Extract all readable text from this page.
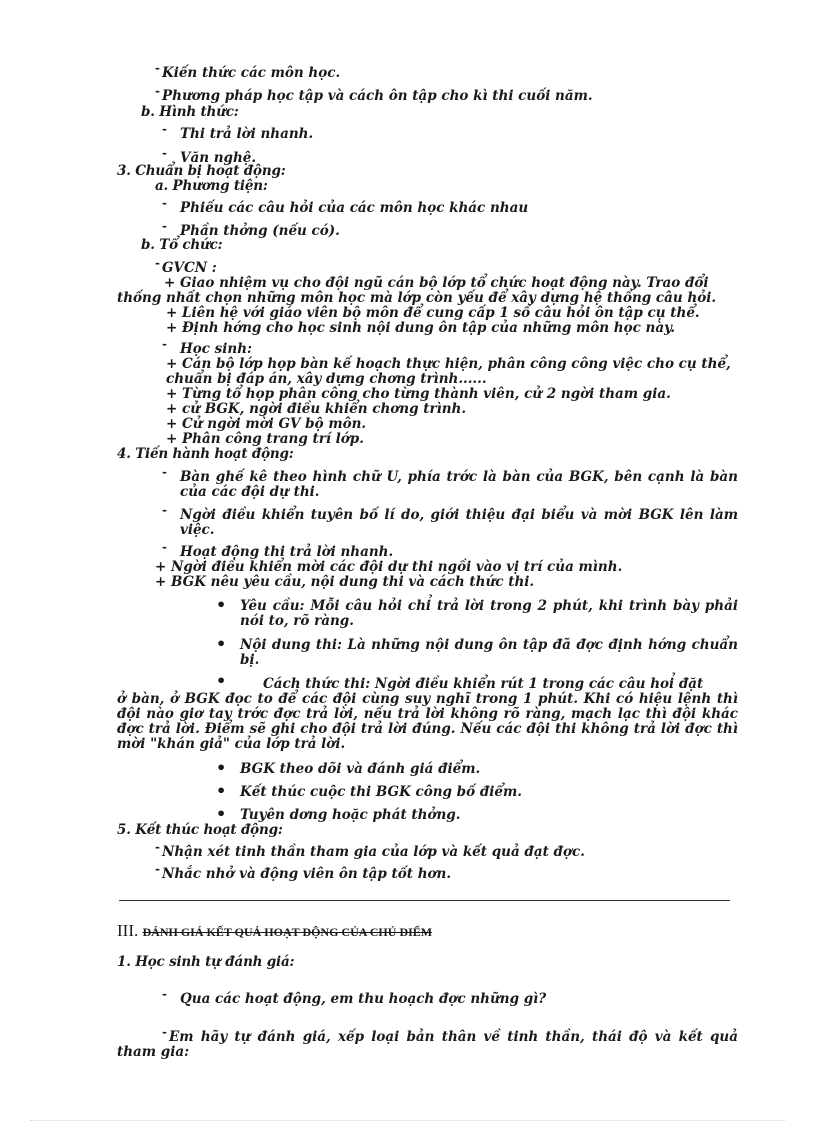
- Kiến thức các môn học.
- Phương pháp học tập và cách ôn tập cho kì thi cuối năm.
b. Hình thức:
- Thi trả lời nhanh.
- Văn nghệ.
3. Chuẩn bị hoạt động:
a. Phương tiện:
- Phiếu các câu hỏi của các môn học khác nhau
- Phần thởng (nếu có).
b. Tổ chức:
- GVCN :
+ Giao nhiệm vụ cho đội ngũ cán bộ lớp tổ chức hoạt động này. Trao đổi
thống nhất chọn những môn học mà lớp còn yếu để xây dựng hệ thống câu hỏi.
+ Liên hệ với giáo viên bộ môn để cung cấp 1 số câu hỏi ôn tập cụ thể.
+ Định hớng cho học sinh nội dung ôn tập của những môn học này.
- Học sinh:
+ Cán bộ lớp họp bàn kế hoạch thực hiện, phân công công việc cho cụ thể,
chuẩn bị đáp án, xây dựng chơng trình......
+ Từng tổ họp phân công cho từng thành viên, cử 2 ngời tham gia.
+ cử BGK, ngời điều khiển chơng trình.
+ Cử ngời mời GV bộ môn.
+ Phân công trang trí lớp.
4. Tiến hành hoạt động:
- Bàn ghế kê theo hình chữ U, phía trớc là bàn của BGK, bên cạnh là bàn của các đội dự thi.
- Ngời điều khiển tuyên bố lí do, giới thiệu đại biểu và mời BGK lên làm việc.
- Hoạt động thi trả lời nhanh.
+ Ngời điều khiển mời các đội dự thi ngồi vào vị trí của mình.
+ BGK nêu yêu cầu, nội dung thi và cách thức thi.
• Yêu cầu: Mỗi câu hỏi chỉ trả lời trong 2 phút, khi trình bày phải nói to, rõ ràng.
• Nội dung thi: Là những nội dung ôn tập đã đợc định hớng chuẩn bị.
•	Cách thức thi: Ngời điều khiển rút 1 trong các câu hoỉ đặt
ở bàn, ở BGK đọc to để các đội cùng suy nghĩ trong 1 phút. Khi có hiệu lệnh thì đội nào giơ tay trớc đợc trả lời, nếu trả lời không rõ ràng, mạch lạc thì đội khác đợc trả lời. Điểm sẽ ghi cho đội trả lời đúng. Nếu các đội thi không trả lời đợc thì mời "khán giả" của lớp trả lời.
• BGK theo dõi và đánh giá điểm.
• Kết thúc cuộc thi BGK công bố điểm.
• Tuyên dơng hoặc phát thởng.
5. Kết thúc hoạt động:
- Nhận xét tinh thần tham gia của lớp và kết quả đạt đợc.
- Nhắc nhở và động viên ôn tập tốt hơn.
III. ĐÁNH GIÁ KẾT QUẢ HOẠT ĐỘNG CỦA CHỦ ĐIỂM
1. Học sinh tự đánh giá:
- Qua các hoạt động, em thu hoạch đợc những gì?
- Em hãy tự đánh giá, xếp loại bản thân về tinh thần, thái độ và kết quả tham gia:
